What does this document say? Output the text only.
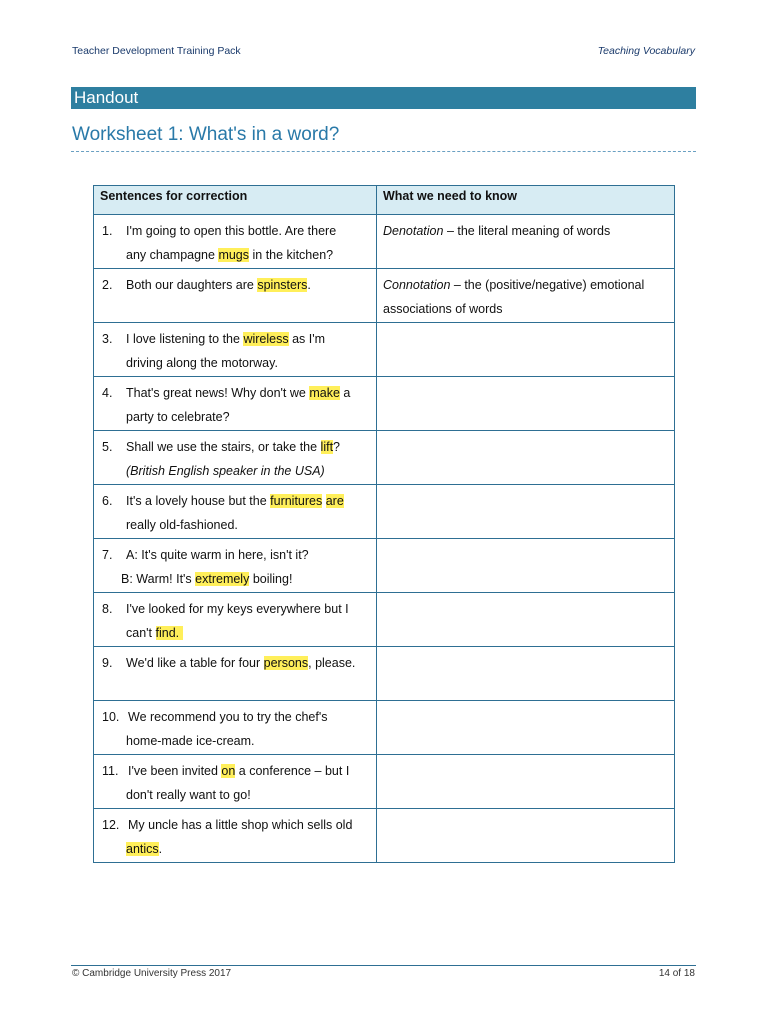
Teacher Development Training Pack	Teaching Vocabulary
Handout
Worksheet 1: What's in a word?
Sentences for correction	What we need to know

1. I'm going to open this bottle. Are there
any champagne mugs in the kitchen?	Denotation – the literal meaning of words

2. Both our daughters are spinsters.	Connotation – the (positive/negative) emotional
associations of words

3. I love listening to the wireless as I'm
driving along the motorway.	

4. That's great news! Why don't we make a
party to celebrate?	

5. Shall we use the stairs, or take the lift?
(British English speaker in the USA)	

6. It's a lovely house but the furnitures are
really old-fashioned.	

7. A: It's quite warm in here, isn't it?
B: Warm! It's extremely boiling!	

8. I've looked for my keys everywhere but I
can't find.	

9. We'd like a table for four persons, please.	

10. We recommend you to try the chef's
home-made ice-cream.	

11. I've been invited on a conference – but I
don't really want to go!	

12. My uncle has a little shop which sells old
antics.	

© Cambridge University Press 2017	14 of 18
